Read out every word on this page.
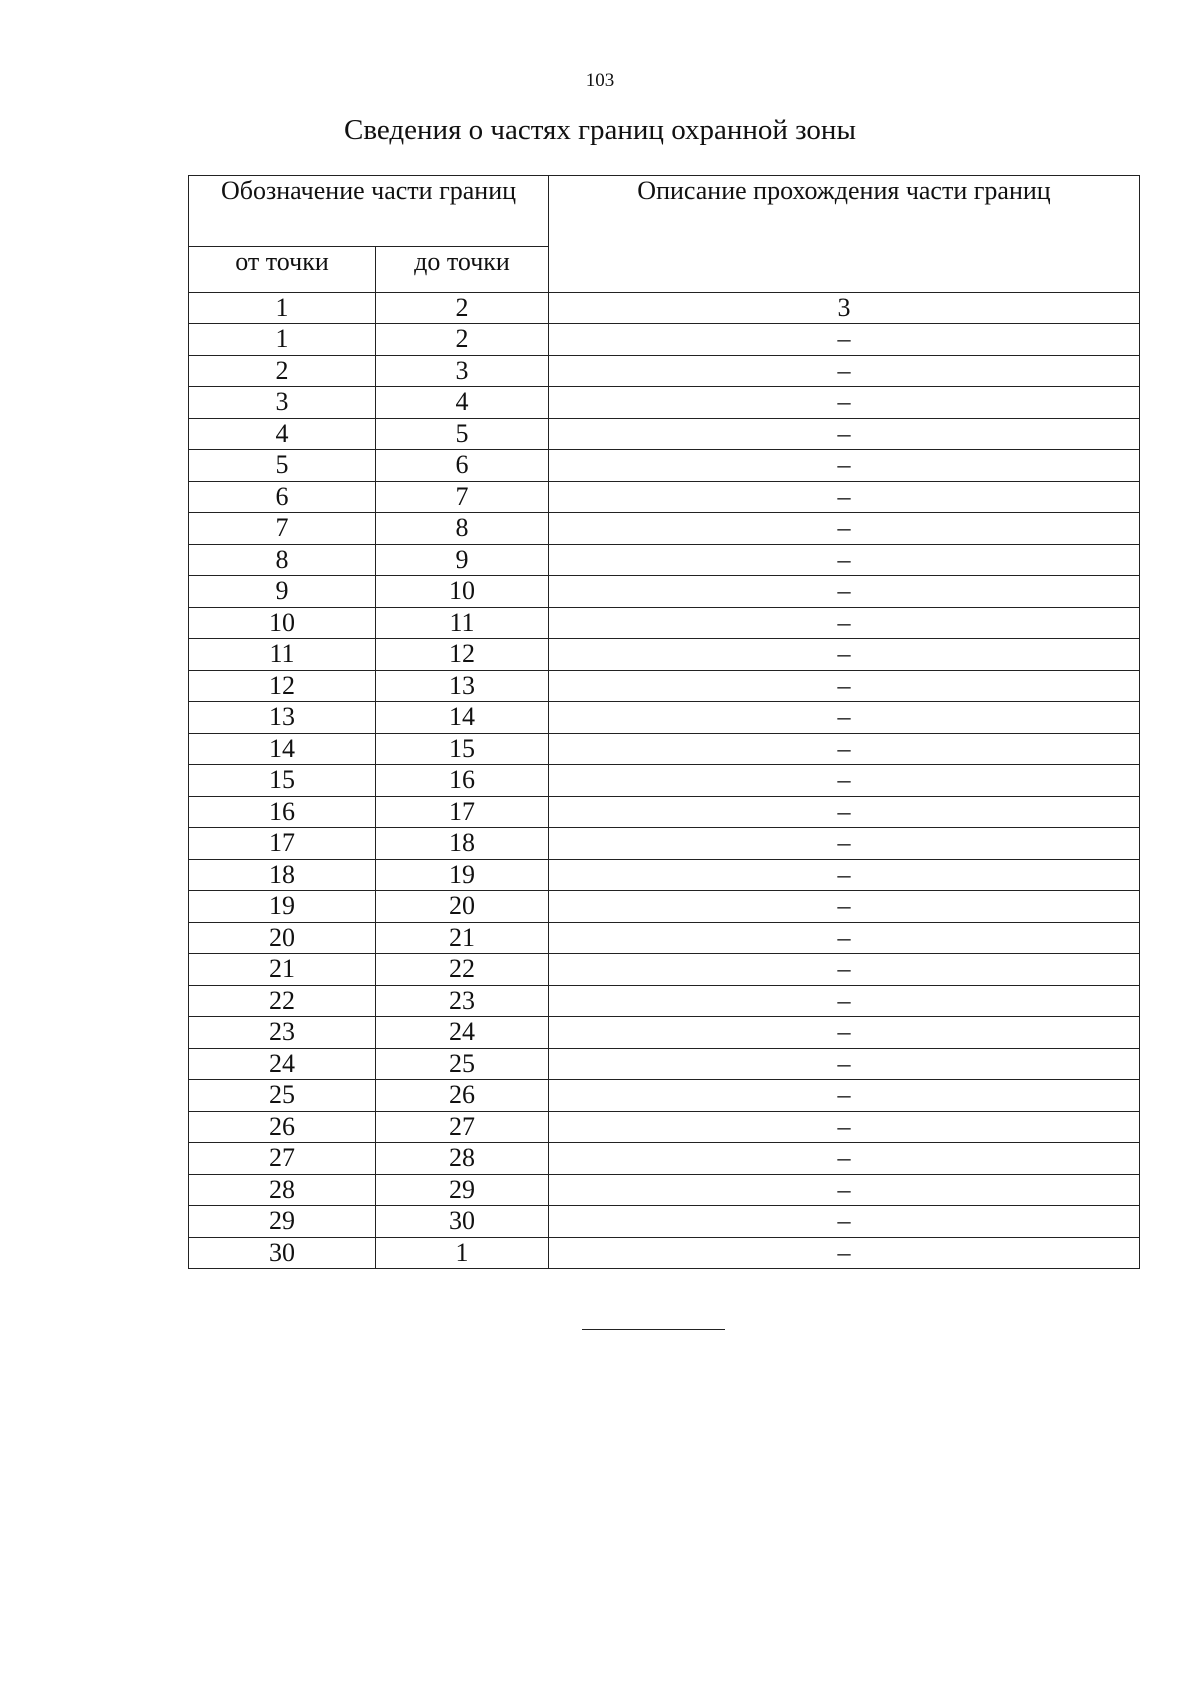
103
Сведения о частях границ охранной зоны
Обозначение части границ		Описание прохождения части границ
от точки	до точки	
1	2	3
1	2	–
2	3	–
3	4	–
4	5	–
5	6	–
6	7	–
7	8	–
8	9	–
9	10	–
10	11	–
11	12	–
12	13	–
13	14	–
14	15	–
15	16	–
16	17	–
17	18	–
18	19	–
19	20	–
20	21	–
21	22	–
22	23	–
23	24	–
24	25	–
25	26	–
26	27	–
27	28	–
28	29	–
29	30	–
30	1	–
